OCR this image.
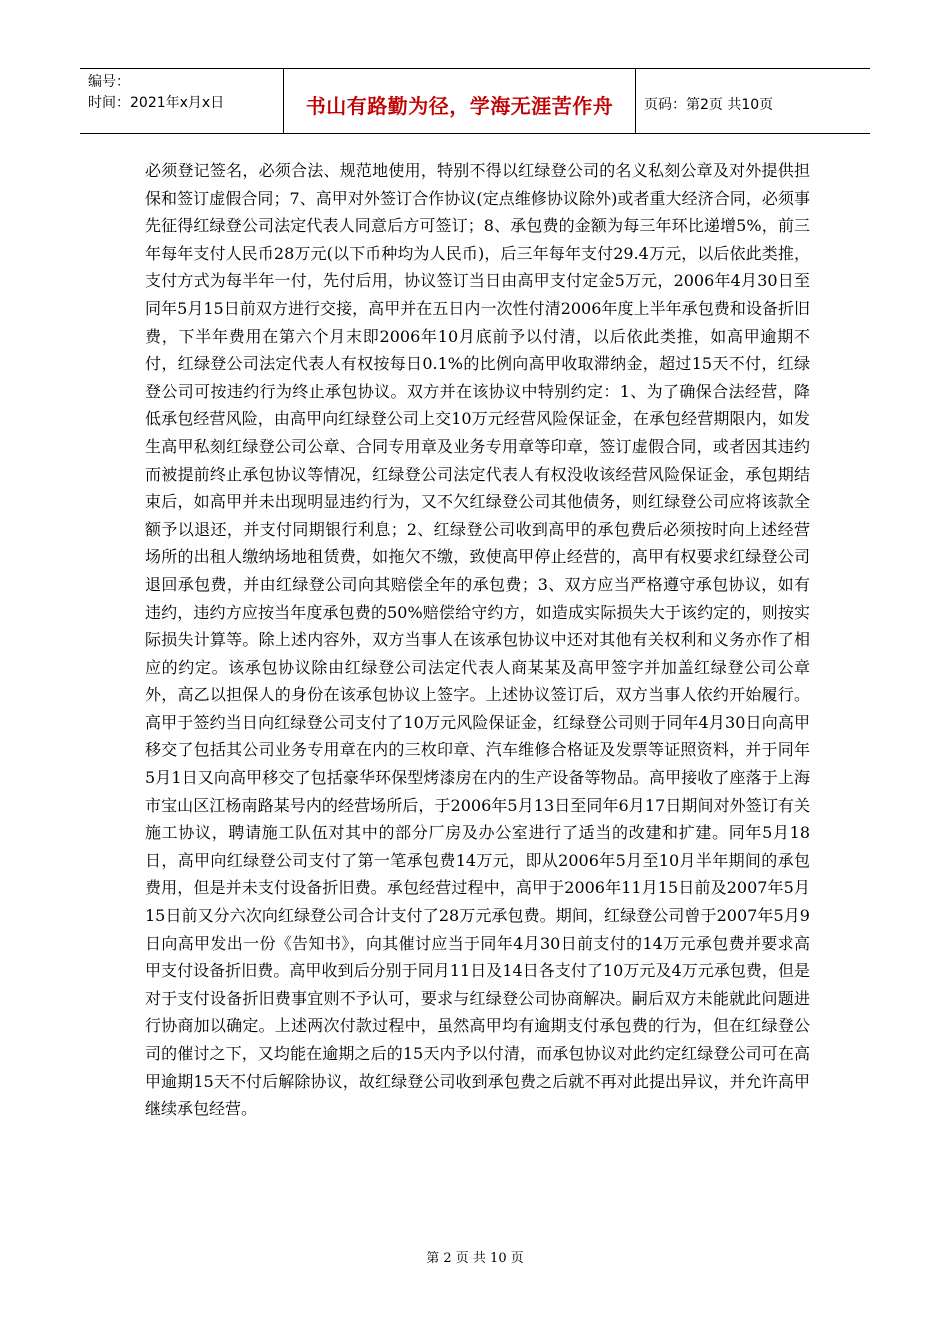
编号：
时间：2021年x月x日	书山有路勤为径，学海无涯苦作舟 页码：第2页 共10页

必须登记签名，必须合法、规范地使用，特别不得以红绿登公司的名义私刻公章及对外提供担保和签订虚假合同；7、高甲对外签订合作协议(定点维修协议除外)或者重大经济合同，必须事先征得红绿登公司法定代表人同意后方可签订；8、承包费的金额为每三年环比递增5%，前三年每年支付人民币28万元(以下币种均为人民币)，后三年每年支付29.4万元，以后依此类推，支付方式为每半年一付，先付后用，协议签订当日由高甲支付定金5万元，2006年4月30日至同年5月15日前双方进行交接，高甲并在五日内一次性付清2006年度上半年承包费和设备折旧费，下半年费用在第六个月末即2006年10月底前予以付清，以后依此类推，如高甲逾期不付，红绿登公司法定代表人有权按每日0.1%的比例向高甲收取滞纳金，超过15天不付，红绿登公司可按违约行为终止承包协议。双方并在该协议中特别约定：1、为了确保合法经营，降低承包经营风险，由高甲向红绿登公司上交10万元经营风险保证金，在承包经营期限内，如发生高甲私刻红绿登公司公章、合同专用章及业务专用章等印章，签订虚假合同，或者因其违约而被提前终止承包协议等情况，红绿登公司法定代表人有权没收该经营风险保证金，承包期结束后，如高甲并未出现明显违约行为，又不欠红绿登公司其他债务，则红绿登公司应将该款全额予以退还，并支付同期银行利息；2、红绿登公司收到高甲的承包费后必须按时向上述经营场所的出租人缴纳场地租赁费，如拖欠不缴，致使高甲停止经营的，高甲有权要求红绿登公司退回承包费，并由红绿登公司向其赔偿全年的承包费；3、双方应当严格遵守承包协议，如有违约，违约方应按当年度承包费的50%赔偿给守约方，如造成实际损失大于该约定的，则按实际损失计算等。除上述内容外，双方当事人在该承包协议中还对其他有关权利和义务亦作了相应的约定。该承包协议除由红绿登公司法定代表人商某某及高甲签字并加盖红绿登公司公章外，高乙以担保人的身份在该承包协议上签字。上述协议签订后，双方当事人依约开始履行。高甲于签约当日向红绿登公司支付了10万元风险保证金，红绿登公司则于同年4月30日向高甲移交了包括其公司业务专用章在内的三枚印章、汽车维修合格证及发票等证照资料，并于同年5月1日又向高甲移交了包括豪华环保型烤漆房在内的生产设备等物品。高甲接收了座落于上海市宝山区江杨南路某号内的经营场所后，于2006年5月13日至同年6月17日期间对外签订有关施工协议，聘请施工队伍对其中的部分厂房及办公室进行了适当的改建和扩建。同年5月18日，高甲向红绿登公司支付了第一笔承包费14万元，即从2006年5月至10月半年期间的承包费用，但是并未支付设备折旧费。承包经营过程中，高甲于2006年11月15日前及2007年5月15日前又分六次向红绿登公司合计支付了28万元承包费。期间，红绿登公司曾于2007年5月9日向高甲发出一份《告知书》，向其催讨应当于同年4月30日前支付的14万元承包费并要求高甲支付设备折旧费。高甲收到后分别于同月11日及14日各支付了10万元及4万元承包费，但是对于支付设备折旧费事宜则不予认可，要求与红绿登公司协商解决。嗣后双方未能就此问题进行协商加以确定。上述两次付款过程中，虽然高甲均有逾期支付承包费的行为，但在红绿登公司的催讨之下，又均能在逾期之后的15天内予以付清，而承包协议对此约定红绿登公司可在高甲逾期15天不付后解除协议，故红绿登公司收到承包费之后就不再对此提出异议，并允许高甲继续承包经营。

第 2 页 共 10 页
